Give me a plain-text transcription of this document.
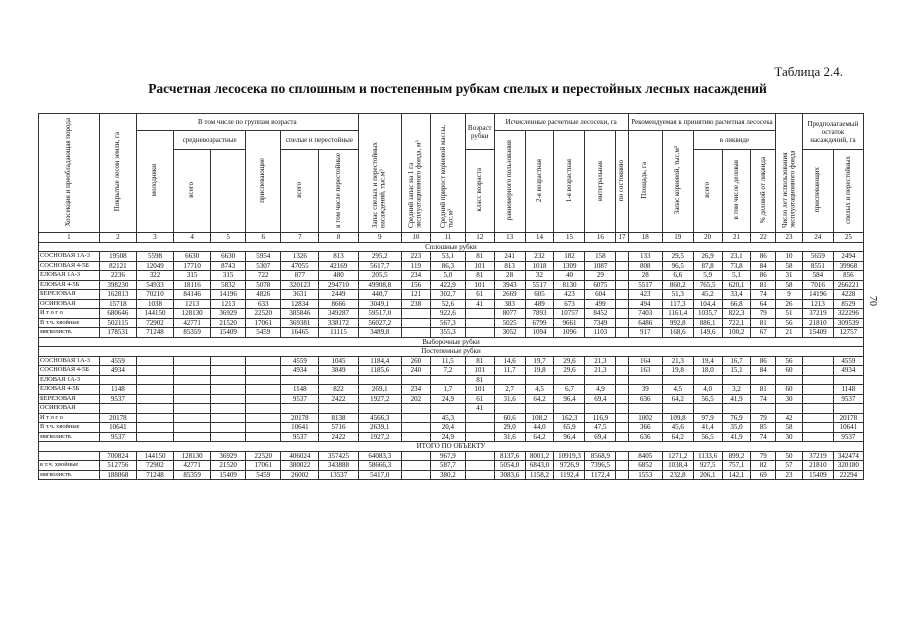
Таблица 2.4.
Расчетная лесосека по сплошным и постепенным рубкам спелых и перестойных лесных насаждений
70
Хозсекция и преобладающая порода	Покрытые лесом земли, га	В том числе по группам возраста						Запас спелых и перестойных насаждений, тыс.м³	Средний запас на 1 га эксплуатационного фонда, м³	Средний прирост корневой массы, тыс.м³	Возраст рубки	Исчисленные расчетные лесосеки, га					Рекомендуемая к принятию расчетная лесосека					Число лет использования эксплуатационного фонда	Предполагаемый остаток насаждений, га	
		молодняки	средневозрастные		приспевающие	спелые и перестойные						равномерного пользования	2-я возрастная	1-я возрастная	интегральная	по состоянию	Площадь, га	Запас корневой, тыс.м³	в ликвиде					
			всего			всего	в том числе перестойные				класс возраста								всего	в том числе деловая	% деловой от ликвида		приспевающих	спелых и перестойных
1	2	3	4	5	6	7	8	9	10	11	12	13	14	15	16	17	18	19	20	21	22	23	24	25
Сплошные рубки																								
СОСНОВАЯ 1А-3	19508	5598	6630	6630	5954	1326	813	295,2	223	53,1	81	241	232	182	158		133	29,5	26,9	23,1	86	10	5659	2494
СОСНОВАЯ 4-5Б	82121	12049	17710	8743	5307	47055	42169	5617,7	119	86,3	101	813	1018	1309	1087		808	96,5	87,8	73,8	84	58	8551	39968
ЕЛОВАЯ 1А-3	2236	322	315	315	722	877	480	205,5	234	5,0	81	28	32	40	29		28	6,6	5,9	5,1	86	31	584	856
ЕЛОВАЯ 4-5Б	398230	54933	18116	5832	5078	320123	294710	49908,8	156	422,9	101	3943	5517	8130	6075		5517	860,2	765,5	620,1	81	58	7016	266221
БЕРЕЗОВАЯ	162813	70210	84146	14196	4826	3631	2449	440,7	121	302,7	61	2669	605	423	604		423	51,3	45,2	33,4	74	9	14196	4228
ОСИНОВАЯ	15718	1038	1213	1213	633	12834	8666	3049,1	238	52,6	41	383	489	673	499		494	117,3	104,4	66,8	64	26	1213	8529
И т о г о	680646	144150	128130	36929	22520	385846	349287	59517,0		922,6		8077	7893	10757	8452		7403	1161,4	1035,7	822,3	79	51	37219	322296
В т.ч. хвойные	502115	72902	42771	21520	17061	369381	338172	56027,2		567,3		5025	6799	9661	7349		6486	992,8	886,1	722,1	81	56	21810	309539
мягколиств.	178531	71248	85359	15409	5459	16465	11115	3489,8		355,3		3052	1094	1096	1103		917	168,6	149,6	100,2	67	21	15409	12757
Выборочные рубки																								
Постепенные рубки																								
СОСНОВАЯ 1А-3	4559					4559	1045	1184,4	260	11,5	81	14,6	19,7	29,6	21,3		164	21,3	19,4	16,7	86	56		4559
СОСНОВАЯ 4-5Б	4934					4934	3849	1185,6	240	7,2	101	11,7	19,8	29,6	21,3		163	19,8	18,0	15,1	84	60		4934
ЕЛОВАЯ 1А-3											81													
ЕЛОВАЯ 4-5Б	1148					1148	822	269,1	234	1,7	101	2,7	4,5	6,7	4,9		39	4,5	4,0	3,2	81	60		1148
БЕРЕЗОВАЯ	9537					9537	2422	1927,2	202	24,9	61	31,6	64,2	96,4	69,4		636	64,2	56,5	41,9	74	30		9537
ОСИНОВАЯ											41													
И т о г о	20178					20178	8138	4566,3		45,3		60,6	108,2	162,3	116,9		1002	109,8	97,9	76,9	79	42		20178
В т.ч. хвойные	10641					10641	5716	2639,1		20,4		29,0	44,0	65,9	47,5		366	45,6	41,4	35,0	85	58		10641
мягколиств.	9537					9537	2422	1927,2		24,9		31,6	64,2	96,4	69,4		636	64,2	56,5	41,9	74	30		9537
ИТОГО ПО ОБЪЕКТУ																								
	700824	144150	128130	36929	22520	406024	357425	64083,3		967,9		8137,6	8001,2	10919,3	8568,9		8405	1271,2	1133,6	899,2	79	50	37219	342474
в т.ч. хвойные	512756	72902	42771	21520	17061	380022	343888	58666,3		587,7		5054,0	6843,0	9726,9	7396,5		6852	1038,4	927,5	757,1	82	57	21810	320180
мягколиств.	188068	71248	85359	15409	5459	26002	13537	5417,0		380,2		3083,6	1158,2	1192,4	1172,4		1553	232,8	206,1	142,1	69	23	15409	22294
